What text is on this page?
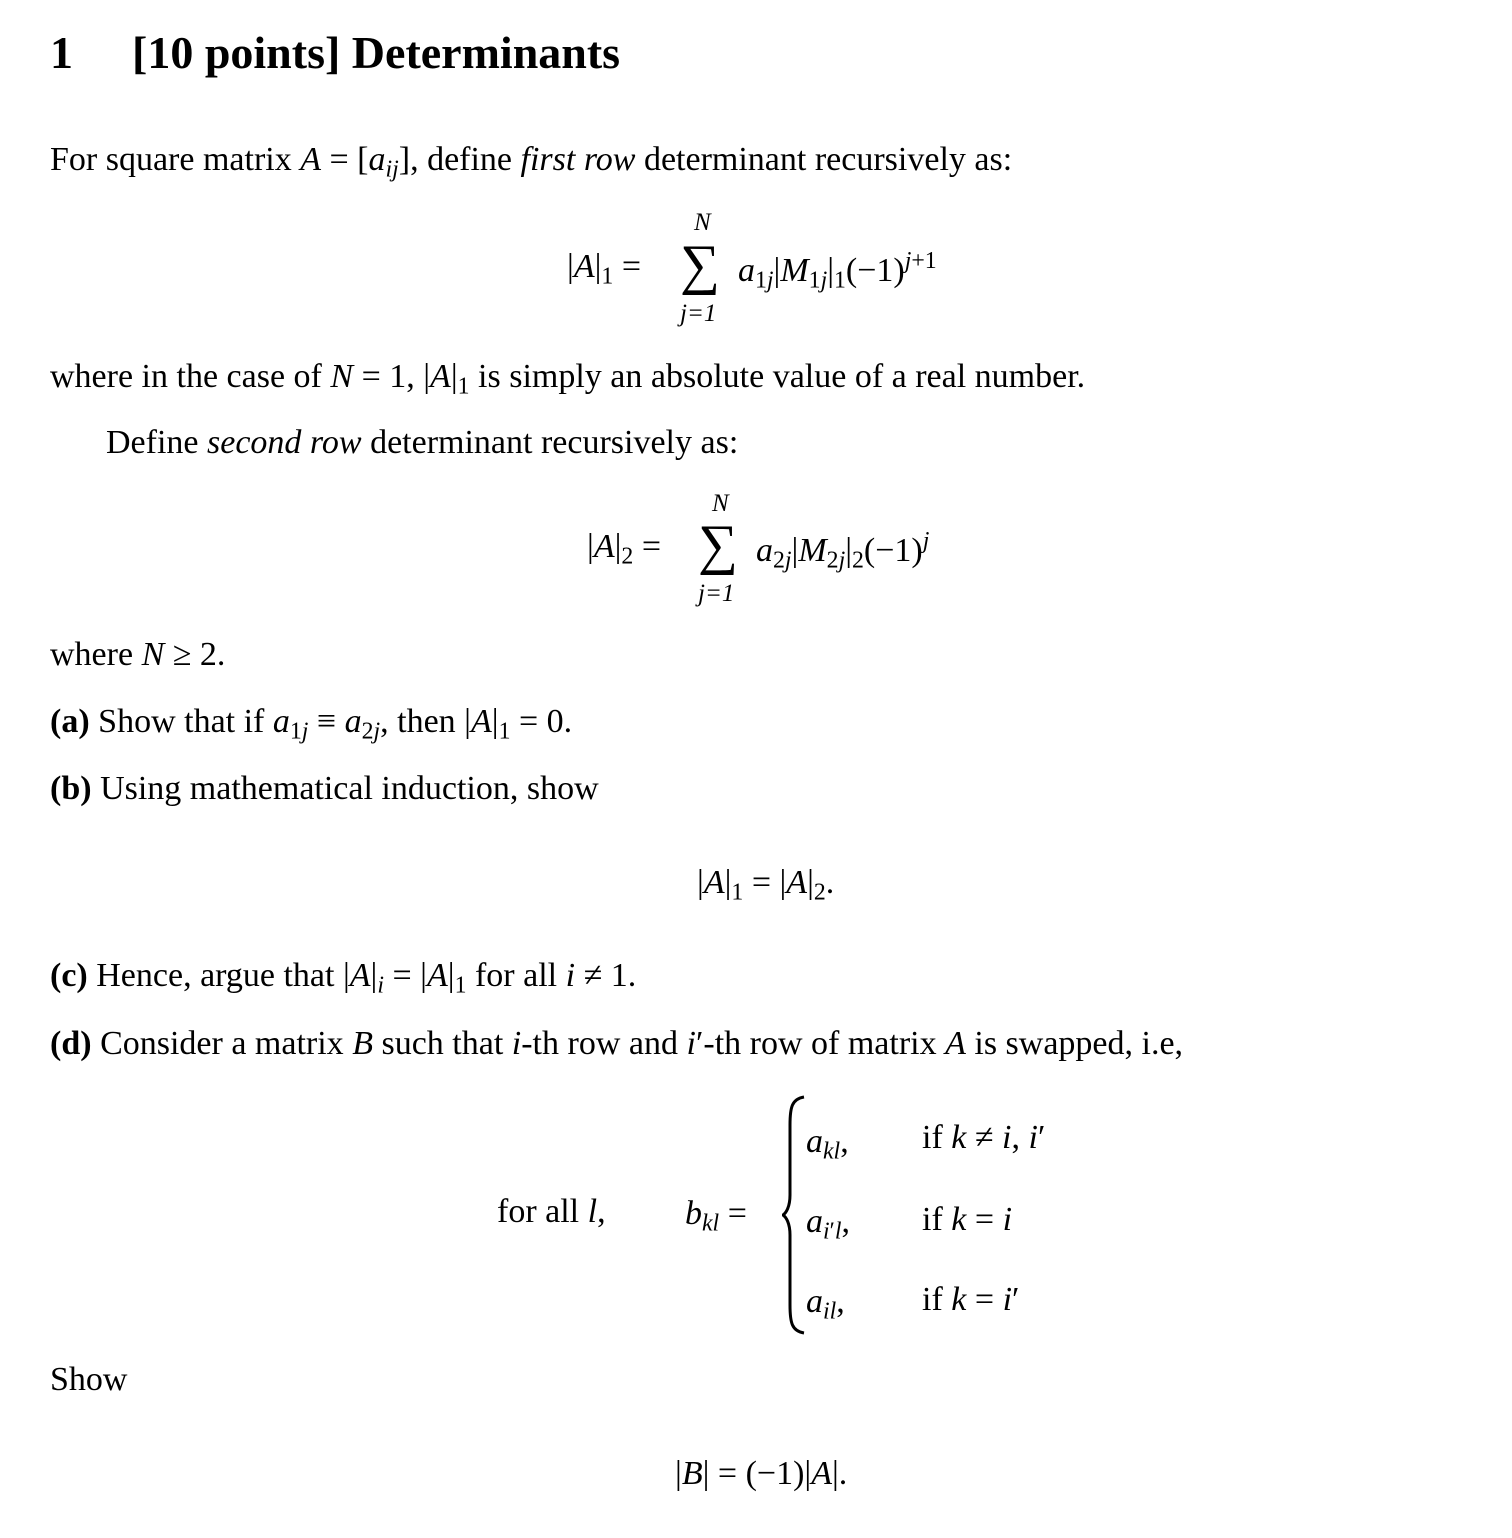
1 [10 points] Determinants
For square matrix $A = [a_{ij}]$, define first row determinant recursively as:
$|A|_1$ = ∑
N
j=1
$a_{1j}|M_{1j}|_1(-1)^{j+1}$
where in the case of N = 1, $|A|_1$ is simply an absolute value of a real number.
Define second row determinant recursively as:
$|A|_2$ = ∑
N
j=1
$a_{2j}|M_{2j}|_2(-1)^j$
where N ≥ 2.
(a) Show that if $a_{1j} \equiv a_{2j}$, then $|A|_1 = 0$.
(b) Using mathematical induction, show
$|A|_1 = |A|_2$.
(c) Hence, argue that $|A|_i = |A|_1$ for all i ≠ 1.
(d) Consider a matrix B such that i-th row and i′-th row of matrix A is swapped, i.e,
for all l, $b_{kl}$ =
$a_{kl}$, if k ≠ i, i′
$a_{i'l}$, if k = i
$a_{il}$, if k = i′
Show
|B| = (−1)|A|.
